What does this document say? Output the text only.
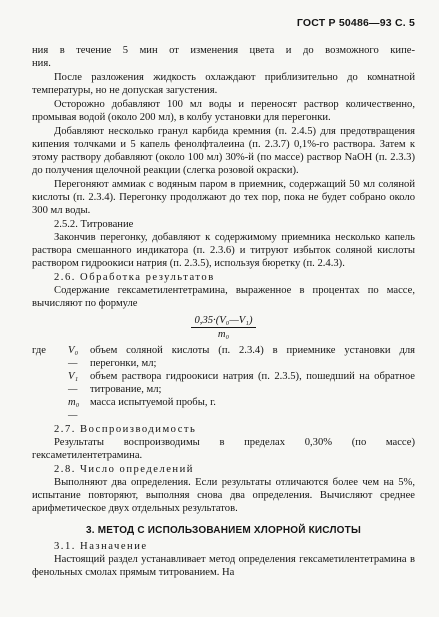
ГОСТ Р 50486—93 С. 5

ния в течение 5 мин от изменения цвета и до возможного кипе-

ния.

После разложения жидкость охлаждают приблизительно до комнатной температуры, но не допуская загустения.

Осторожно добавляют 100 мл воды и переносят раствор количественно, промывая водой (около 200 мл), в колбу установки для перегонки.

Добавляют несколько гранул карбида кремния (п. 2.4.5) для предотвращения кипения толчками и 5 капель фенолфталеина (п. 2.3.7) 0,1%-го раствора. Затем к этому раствору добавляют (около 100 мл) 30%-й (по массе) раствор NaOH (п. 2.3.3) до получения щелочной реакции (слегка розовой окраски).

Перегоняют аммиак с водяным паром в приемник, содержащий 50 мл соляной кислоты (п. 2.3.4). Перегонку продолжают до тех пор, пока не будет собрано около 300 мл воды.

2.5.2. Титрование

Закончив перегонку, добавляют к содержимому приемника несколько капель раствора смешанного индикатора (п. 2.3.6) и титруют избыток соляной кислоты раствором гидроокиси натрия (п. 2.3.5), используя бюретку (п. 2.4.3).

2.6. Обработка результатов

Содержание гексаметилентетрамина, выраженное в процентах по массе, вычисляют по формуле

$\frac{\text{0,35·(V₀—V₁)}}{\text{m₀}}$
где	V₀ —
объем соляной кислоты (п. 2.3.4) в приемнике установки для перегонки, мл;
V₁ —
объем раствора гидроокиси натрия (п. 2.3.5), пошедший на обратное титрование, мл;
m₀ —
масса испытуемой пробы, г.

2.7. Воспроизводимость

Результаты воспроизводимы в пределах 0,30% (по массе) гексаметилентетрамина.

2.8. Число определений

Выполняют два определения. Если результаты отличаются более чем на 5%, испытание повторяют, выполняя снова два определения. Вычисляют среднее арифметическое двух отдельных результатов.

3. МЕТОД С ИСПОЛЬЗОВАНИЕМ ХЛОРНОЙ КИСЛОТЫ

3.1. Назначение

Настоящий раздел устанавливает метод определения гексаметилентетрамина в фенольных смолах прямым титрованием. На
